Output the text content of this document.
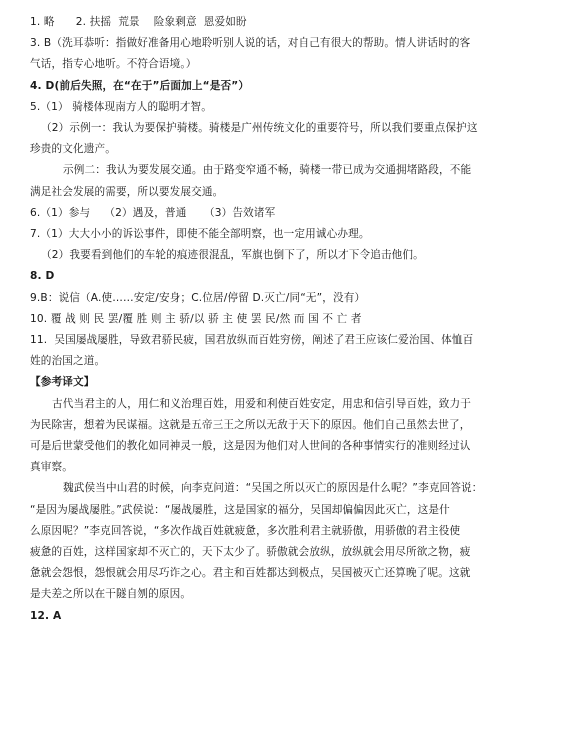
1. 略      2. 扶摇  荒景    险象剩意  恩爱如盼

3. B（洗耳恭听：指做好准备用心地聆听别人说的话，对自己有很大的帮助。情人讲话时的客

气话，指专心地听。不符合语境。）

4. D(前后失照，在“在于”后面加上“是否”）

5.（1） 骑楼体现南方人的聪明才智。

（2）示例一：我认为要保护骑楼。骑楼是广州传统文化的重要符号，所以我们要重点保护这

珍贵的文化遗产。

示例二：我认为要发展交通。由于路变窄通不畅，骑楼一带已成为交通拥堵路段，不能

满足社会发展的需要，所以要发展交通。

6.（1）参与    （2）遇及，普通     （3）告效诸军

7.（1）大大小小的诉讼事件，即使不能全部明察，也一定用诚心办理。

（2）我要看到他们的车轮的痕迹很混乱，军旗也倒下了，所以才下令追击他们。

8. D

9.B：说信（A.使……安定/安身；C.位居/停留 D.灭亡/同“无”，没有）

10. 覆 战 则 民 罢/覆 胜 则 主 骄/以 骄 主 使 罢 民/然 而 国 不 亡 者

11.  吴国屡战屡胜，导致君骄民疲，国君放纵而百姓穷傍，阐述了君王应该仁爱治国、体恤百

姓的治国之道。

【参考译文】

古代当君主的人，用仁和义治理百姓，用爱和利使百姓安定，用忠和信引导百姓，致力于

为民除害，想着为民谋福。这就是五帝三王之所以无敌于天下的原因。他们自己虽然去世了，

可是后世蒙受他们的教化如同神灵一般，这是因为他们对人世间的各种事情实行的准则经过认

真审察。

魏武侯当中山君的时候，向李克问道：“吴国之所以灭亡的原因是什么呢？”李克回答说：

“是因为屡战屡胜。”武侯说：“屡战屡胜，这是国家的福分，吴国却偏偏因此灭亡，这是什

么原因呢？”李克回答说，“多次作战百姓就疲惫，多次胜利君主就骄傲，用骄傲的君主役使

疲惫的百姓，这样国家却不灭亡的，天下太少了。骄傲就会放纵，放纵就会用尽所欲之物，疲

惫就会怨恨，怨恨就会用尽巧诈之心。君主和百姓都达到极点，吴国被灭亡还算晚了呢。这就

是夫差之所以在干隧自刎的原因。

12. A
